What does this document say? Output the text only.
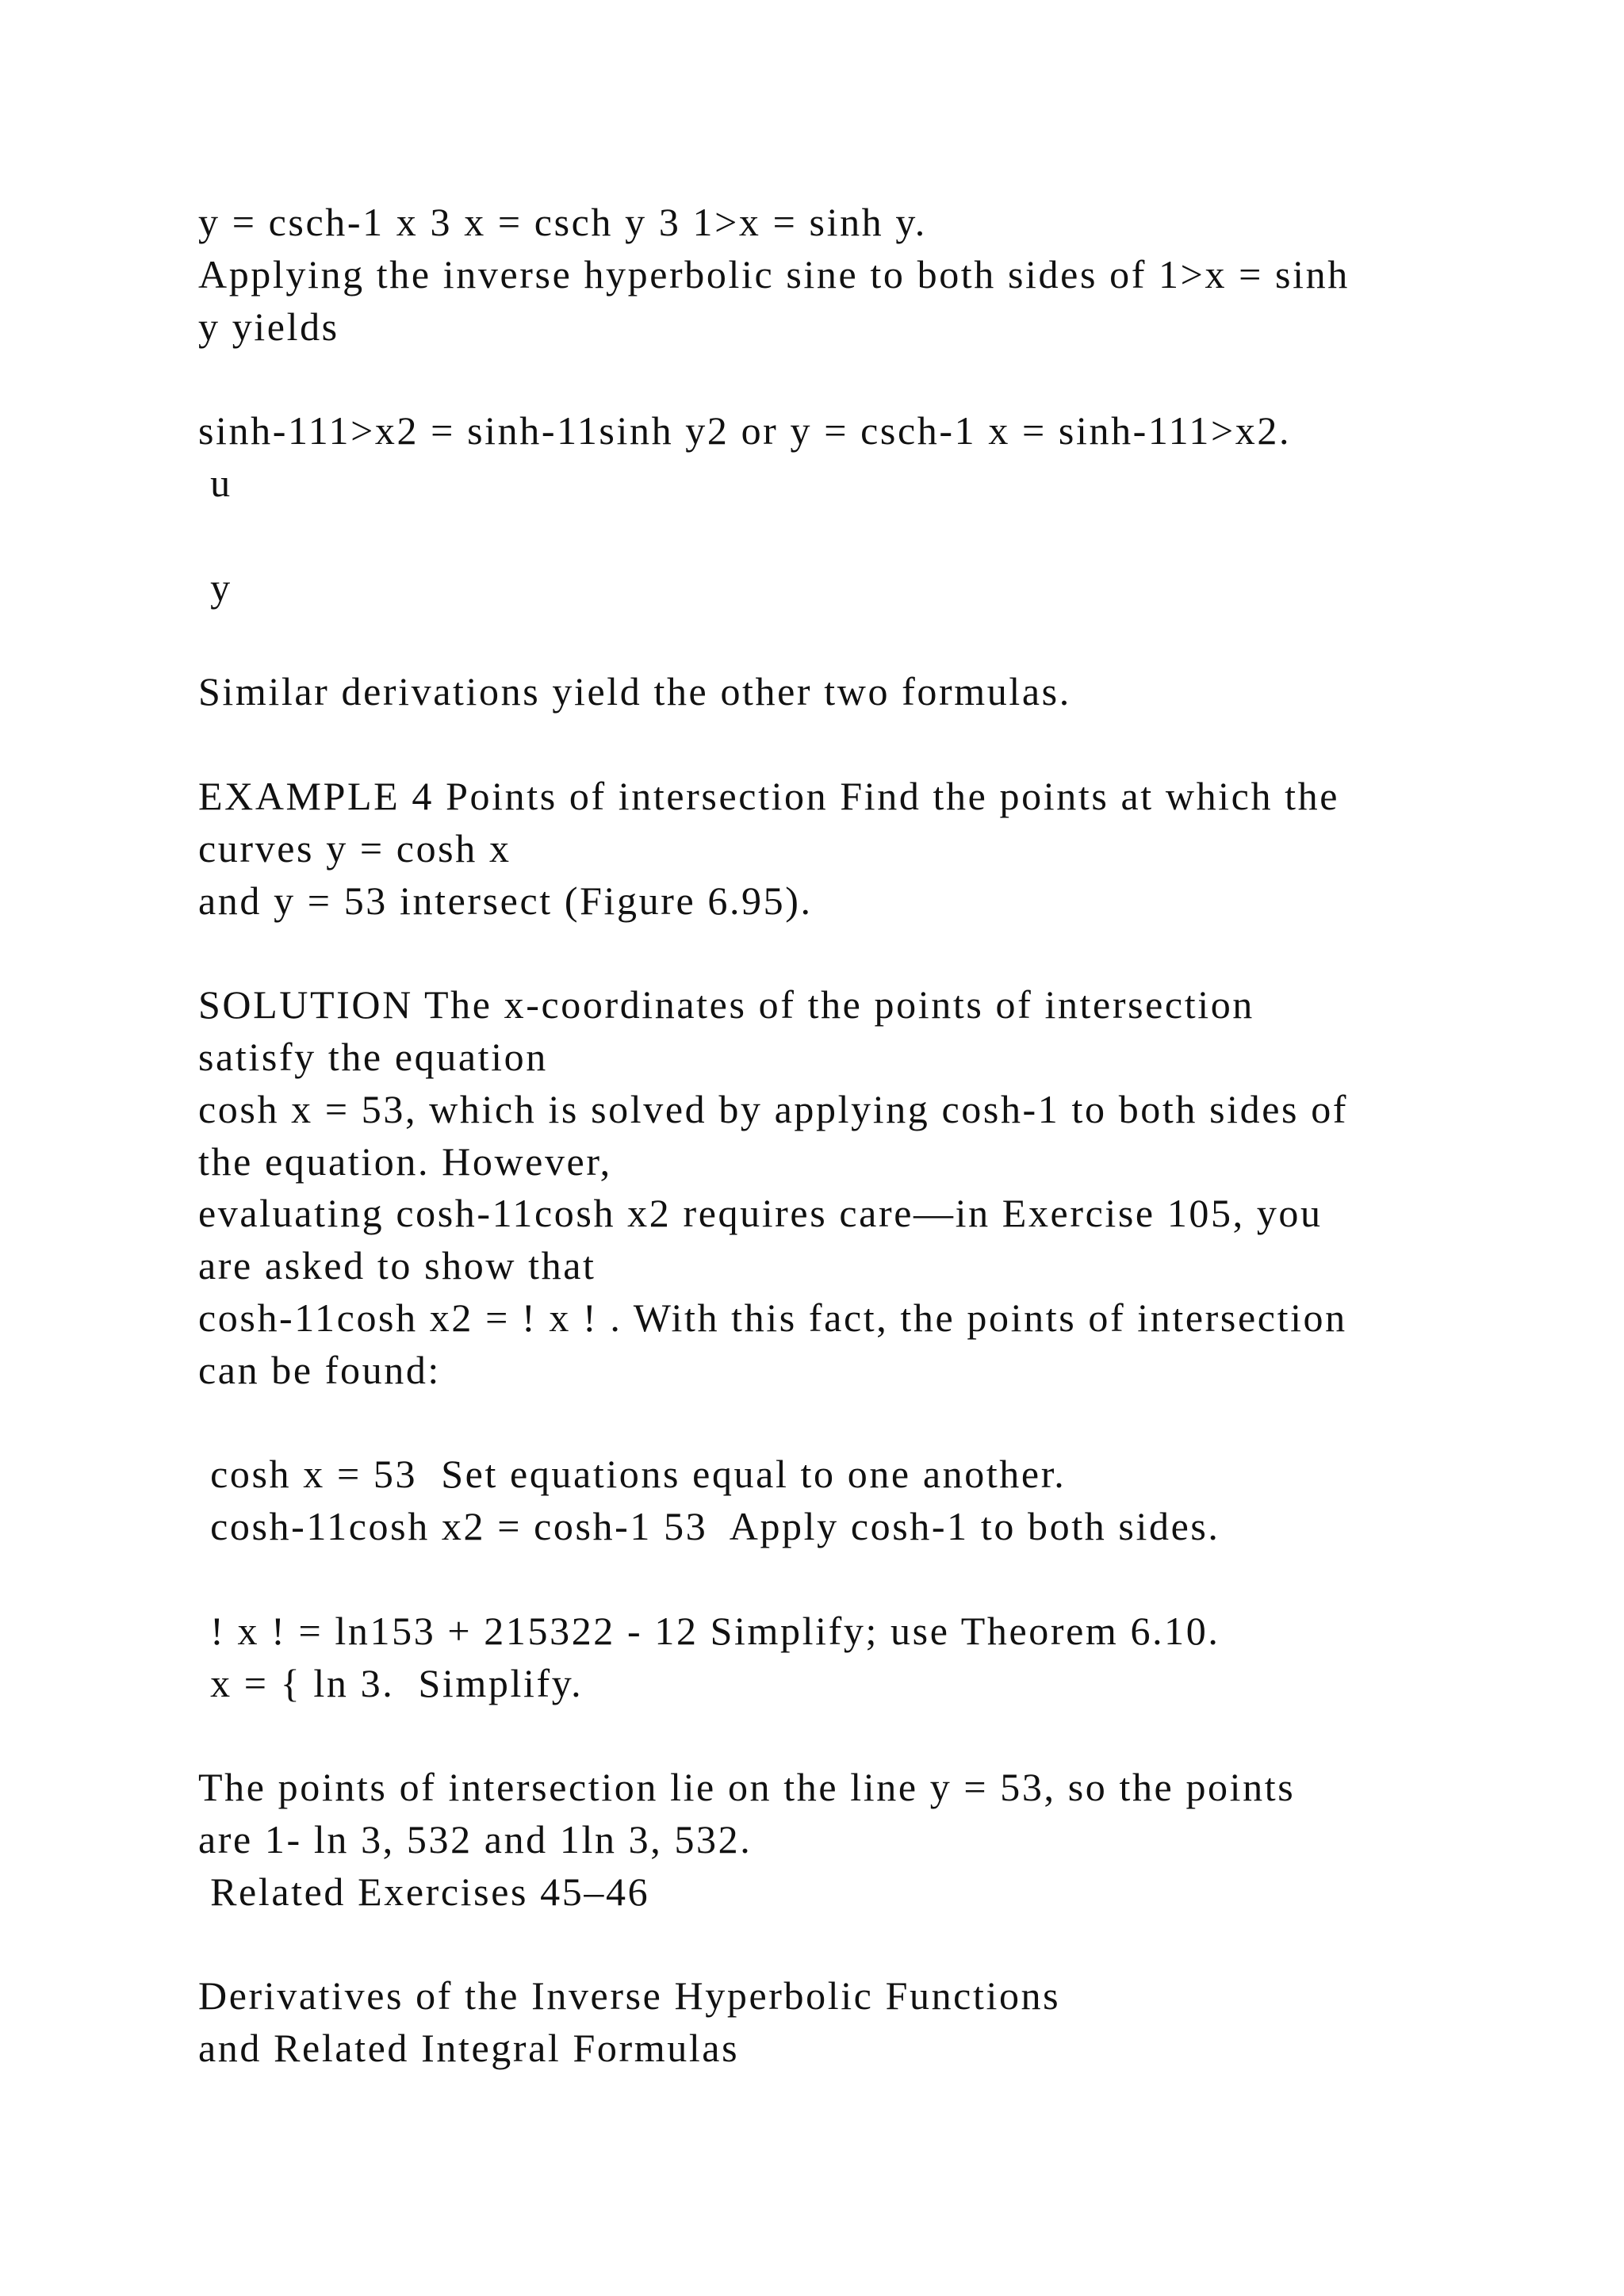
y = csch-1 x 3 x = csch y 3 1>x = sinh y.

Applying the inverse hyperbolic sine to both sides of 1>x = sinh

y yields

sinh-111>x2 = sinh-11sinh y2 or y = csch-1 x = sinh-111>x2.

u

y

Similar derivations yield the other two formulas.

EXAMPLE 4 Points of intersection Find the points at which the

curves y = cosh x

and y = 53 intersect (Figure 6.95).

SOLUTION The x-coordinates of the points of intersection

satisfy the equation

cosh x = 53, which is solved by applying cosh-1 to both sides of

the equation. However,

evaluating cosh-11cosh x2 requires care—in Exercise 105, you

are asked to show that

cosh-11cosh x2 = ! x ! . With this fact, the points of intersection

can be found:

cosh x = 53  Set equations equal to one another.

cosh-11cosh x2 = cosh-1 53  Apply cosh-1 to both sides.

! x ! = ln153 + 215322 - 12 Simplify; use Theorem 6.10.

x = { ln 3.  Simplify.

The points of intersection lie on the line y = 53, so the points

are 1- ln 3, 532 and 1ln 3, 532.

Related Exercises 45–46

Derivatives of the Inverse Hyperbolic Functions

and Related Integral Formulas
